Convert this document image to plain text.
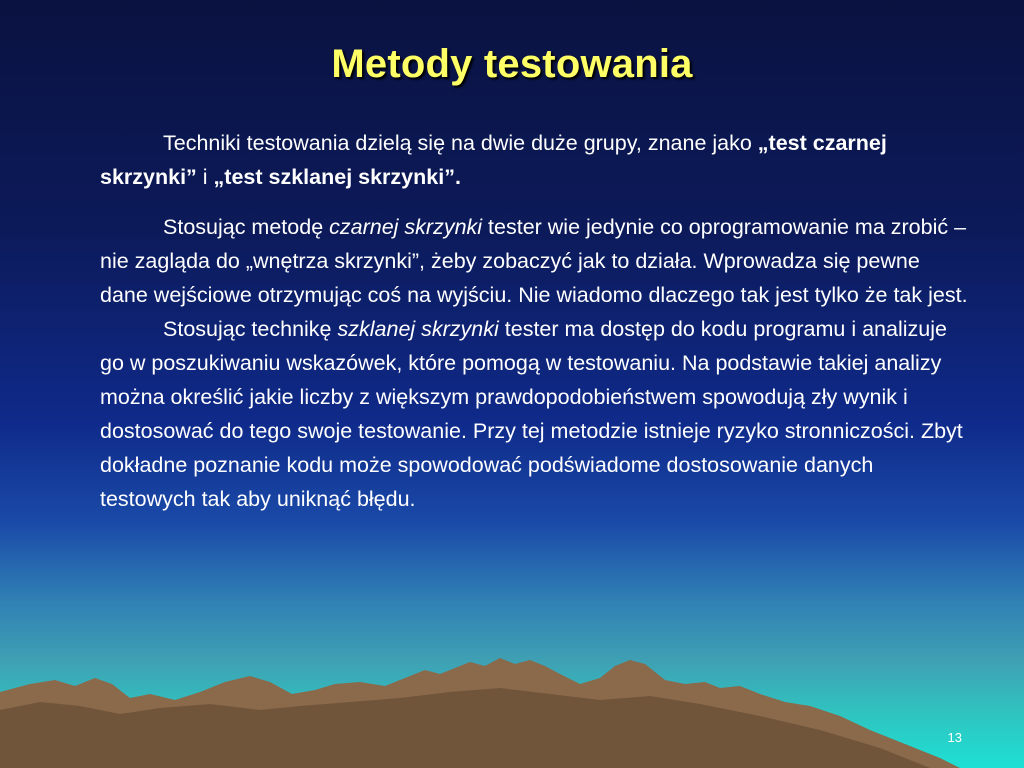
Metody testowania

Techniki testowania dzielą się na dwie duże grupy, znane jako „test czarnej skrzynki” i „test szklanej skrzynki”.

Stosując metodę czarnej skrzynki tester wie jedynie co oprogramowanie ma zrobić – nie zagląda do „wnętrza skrzynki”, żeby zobaczyć jak to działa. Wprowadza się pewne dane wejściowe otrzymując coś na wyjściu. Nie wiadomo dlaczego tak jest tylko że tak jest.

Stosując technikę szklanej skrzynki tester ma dostęp do kodu programu i analizuje go w poszukiwaniu wskazówek, które pomogą w testowaniu. Na podstawie takiej analizy można określić jakie liczby z większym prawdopodobieństwem spowodują zły wynik i dostosować do tego swoje testowanie. Przy tej metodzie istnieje ryzyko stronniczości. Zbyt dokładne poznanie kodu może spowodować podświadome dostosowanie danych testowych tak aby uniknąć błędu.

13
